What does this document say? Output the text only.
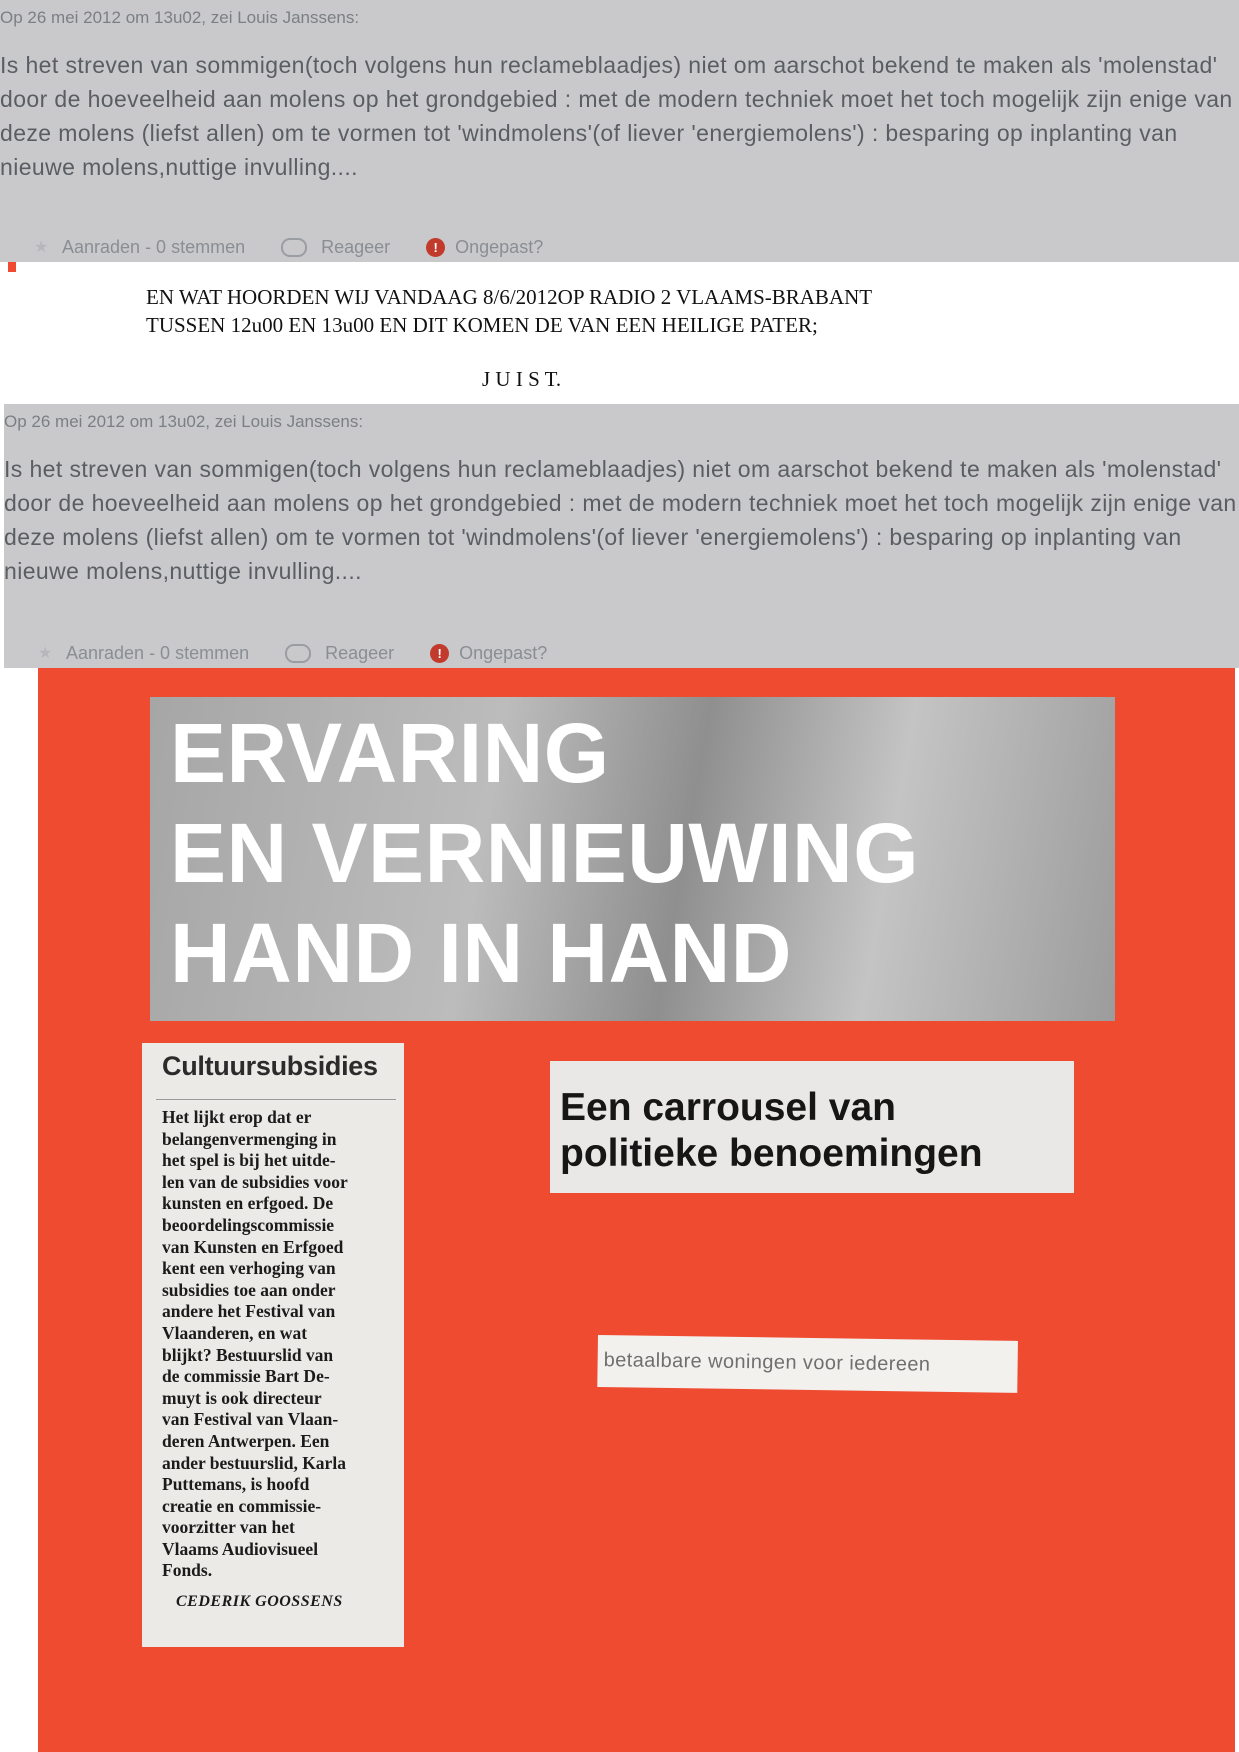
Op 26 mei 2012 om 13u02, zei Louis Janssens:
Is het streven van sommigen(toch volgens hun reclameblaadjes) niet om aarschot bekend te maken als 'molenstad' door de hoeveelheid aan molens op het grondgebied : met de modern techniek moet het toch mogelijk zijn enige van deze molens (liefst allen) om te vormen tot 'windmolens'(of liever 'energiemolens') : besparing op inplanting van nieuwe molens,nuttige invulling....
★ Aanraden - 0 stemmen	Reageer	! Ongepast?
EN WAT HOORDEN WIJ VANDAAG 8/6/2012OP RADIO 2 VLAAMS-BRABANT
TUSSEN 12u00 EN 13u00 EN DIT KOMEN DE VAN EEN HEILIGE PATER;
J U I S T.
Op 26 mei 2012 om 13u02, zei Louis Janssens:
Is het streven van sommigen(toch volgens hun reclameblaadjes) niet om aarschot bekend te maken als 'molenstad' door de hoeveelheid aan molens op het grondgebied : met de modern techniek moet het toch mogelijk zijn enige van deze molens (liefst allen) om te vormen tot 'windmolens'(of liever 'energiemolens') : besparing op inplanting van nieuwe molens,nuttige invulling....
★ Aanraden - 0 stemmen	Reageer	! Ongepast?
ERVARING
EN VERNIEUWING
HAND IN HAND
Cultuursubsidies
Het lijkt erop dat er
belangenvermenging in
het spel is bij het uitde-
len van de subsidies voor
kunsten en erfgoed. De
beoordelingscommissie
van Kunsten en Erfgoed
kent een verhoging van
subsidies toe aan onder
andere het Festival van
Vlaanderen, en wat
blijkt? Bestuurslid van
de commissie Bart De-
muyt is ook directeur
van Festival van Vlaan-
deren Antwerpen. Een
ander bestuurslid, Karla
Puttemans, is hoofd
creatie en commissie-
voorzitter van het
Vlaams Audiovisueel
Fonds.
CEDERIK GOOSSENS
Een carrousel van
politieke benoemingen
betaalbare woningen voor iedereen
